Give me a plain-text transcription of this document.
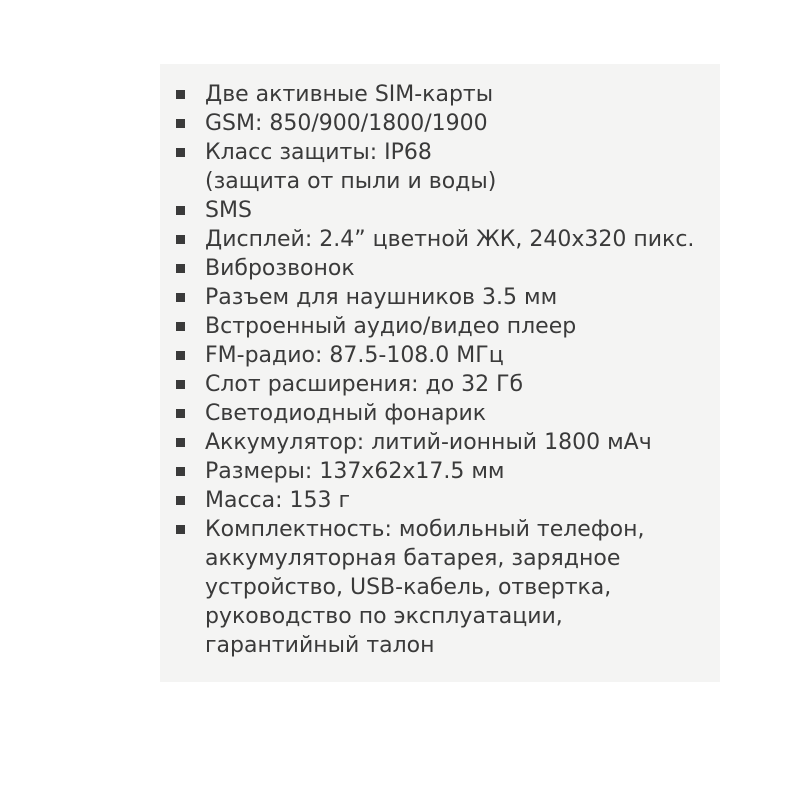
Две активные SIM-карты
GSM: 850/900/1800/1900
Класс защиты: IP68
(защита от пыли и воды)
SMS
Дисплей: 2.4” цветной ЖК, 240х320 пикс.
Виброзвонок
Разъем для наушников 3.5 мм
Встроенный аудио/видео плеер
FM-радио: 87.5-108.0 МГц
Слот расширения: до 32 Гб
Светодиодный фонарик
Аккумулятор: литий-ионный 1800 мАч
Размеры: 137х62х17.5 мм
Масса: 153 г
Комплектность: мобильный телефон,
аккумуляторная батарея, зарядное
устройство, USB-кабель, отвертка,
руководство по эксплуатации,
гарантийный талон
